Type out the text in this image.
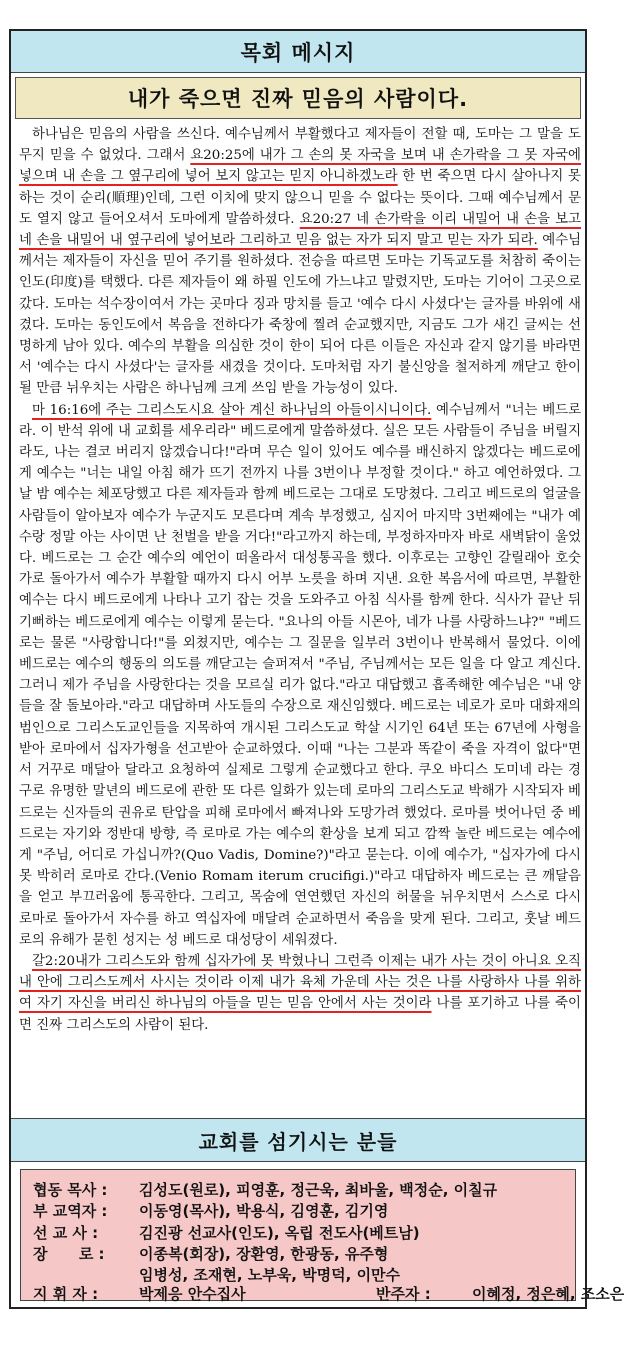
목회 메시지
내가 죽으면 진짜 믿음의 사람이다.

하나님은 믿음의 사람을 쓰신다. 예수님께서 부활했다고 제자들이 전할 때, 도마는 그 말을 도무지 믿을 수 없었다. 그래서 요20:25에 내가 그 손의 못 자국을 보며 내 손가락을 그 못 자국에 넣으며 내 손을 그 옆구리에 넣어 보지 않고는 믿지 아니하겠노라 한 번 죽으면 다시 살아나지 못하는 것이 순리(順理)인데, 그런 이치에 맞지 않으니 믿을 수 없다는 뜻이다. 그때 예수님께서 문도 열지 않고 들어오셔서 도마에게 말씀하셨다. 요20:27 네 손가락을 이리 내밀어 내 손을 보고 네 손을 내밀어 내 옆구리에 넣어보라 그리하고 믿음 없는 자가 되지 말고 믿는 자가 되라. 예수님께서는 제자들이 자신을 믿어 주기를 원하셨다. 전승을 따르면 도마는 기독교도를 처참히 죽이는 인도(印度)를 택했다. 다른 제자들이 왜 하필 인도에 가느냐고 말렸지만, 도마는 기어이 그곳으로 갔다. 도마는 석수장이여서 가는 곳마다 징과 망치를 들고 '예수 다시 사셨다'는 글자를 바위에 새겼다. 도마는 동인도에서 복음을 전하다가 죽창에 찔려 순교했지만, 지금도 그가 새긴 글씨는 선명하게 남아 있다. 예수의 부활을 의심한 것이 한이 되어 다른 이들은 자신과 같지 않기를 바라면서 '예수는 다시 사셨다'는 글자를 새겼을 것이다. 도마처럼 자기 불신앙을 철저하게 깨닫고 한이 될 만큼 뉘우치는 사람은 하나님께 크게 쓰임 받을 가능성이 있다.

마 16:16에 주는 그리스도시요 살아 계신 하나님의 아들이시니이다. 예수님께서 "너는 베드로라. 이 반석 위에 내 교회를 세우리라" 베드로에게 말씀하셨다. 실은 모든 사람들이 주님을 버릴지라도, 나는 결코 버리지 않겠습니다!"라며 무슨 일이 있어도 예수를 배신하지 않겠다는 베드로에게 예수는 "너는 내일 아침 해가 뜨기 전까지 나를 3번이나 부정할 것이다." 하고 예언하였다. 그날 밤 예수는 체포당했고 다른 제자들과 함께 베드로는 그대로 도망쳤다. 그리고 베드로의 얼굴을 사람들이 알아보자 예수가 누군지도 모른다며 계속 부정했고, 심지어 마지막 3번째에는 "내가 예수랑 정말 아는 사이면 난 천벌을 받을 거다!"라고까지 하는데, 부정하자마자 바로 새벽닭이 울었다. 베드로는 그 순간 예수의 예언이 떠올라서 대성통곡을 했다. 이후로는 고향인 갈릴래아 호숫가로 돌아가서 예수가 부활할 때까지 다시 어부 노릇을 하며 지낸. 요한 복음서에 따르면, 부활한 예수는 다시 베드로에게 나타나 고기 잡는 것을 도와주고 아침 식사를 함께 한다. 식사가 끝난 뒤 기뻐하는 베드로에게 예수는 이렇게 묻는다. "요나의 아들 시몬아, 네가 나를 사랑하느냐?" "베드로는 물론 "사랑합니다!"를 외쳤지만, 예수는 그 질문을 일부러 3번이나 반복해서 물었다. 이에 베드로는 예수의 행동의 의도를 깨닫고는 슬퍼져서 "주님, 주님께서는 모든 일을 다 알고 계신다. 그러니 제가 주님을 사랑한다는 것을 모르실 리가 없다."라고 대답했고 흡족해한 예수님은 "내 양들을 잘 돌보아라."라고 대답하며 사도들의 수장으로 재신임했다. 베드로는 네로가 로마 대화재의 범인으로 그리스도교인들을 지목하여 개시된 그리스도교 학살 시기인 64년 또는 67년에 사형을 받아 로마에서 십자가형을 선고받아 순교하였다. 이때 "나는 그분과 똑같이 죽을 자격이 없다"면서 거꾸로 매달아 달라고 요청하여 실제로 그렇게 순교했다고 한다. 쿠오 바디스 도미네 라는 경구로 유명한 말년의 베드로에 관한 또 다른 일화가 있는데 로마의 그리스도교 박해가 시작되자 베드로는 신자들의 권유로 탄압을 피해 로마에서 빠져나와 도망가려 했었다. 로마를 벗어나던 중 베드로는 자기와 정반대 방향, 즉 로마로 가는 예수의 환상을 보게 되고 깜짝 놀란 베드로는 예수에게 "주님, 어디로 가십니까?(Quo Vadis, Domine?)"라고 묻는다. 이에 예수가, "십자가에 다시 못 박히러 로마로 간다.(Venio Romam iterum crucifigi.)"라고 대답하자 베드로는 큰 깨달음을 얻고 부끄러움에 통곡한다. 그리고, 목숨에 연연했던 자신의 허물을 뉘우치면서 스스로 다시 로마로 돌아가서 자수를 하고 역십자에 매달려 순교하면서 죽음을 맞게 된다. 그리고, 훗날 베드로의 유해가 묻힌 성지는 성 베드로 대성당이 세워졌다.

갈2:20내가 그리스도와 함께 십자가에 못 박혔나니 그런즉 이제는 내가 사는 것이 아니요 오직 내 안에 그리스도께서 사시는 것이라 이제 내가 육체 가운데 사는 것은 나를 사랑하사 나를 위하여 자기 자신을 버리신 하나님의 아들을 믿는 믿음 안에서 사는 것이라 나를 포기하고 나를 죽이면 진짜 그리스도의 사람이 된다.

교회를 섬기시는 분들
협동 목사 :	김성도(원로), 피영훈, 정근욱, 최바울, 백정순, 이칠규
부 교역자 :	이동영(목사), 박용식, 김영훈, 김기영
선 교 사 :	김진광 선교사(인도), 옥립 전도사(베트남)
장      로 :	이종복(회장), 장환영, 한광동, 유주형
임병성, 조재현, 노부욱, 박명덕, 이만수
지 휘 자 :	박제응 안수집사	반주자 :	이혜정, 정은혜, 조소은
